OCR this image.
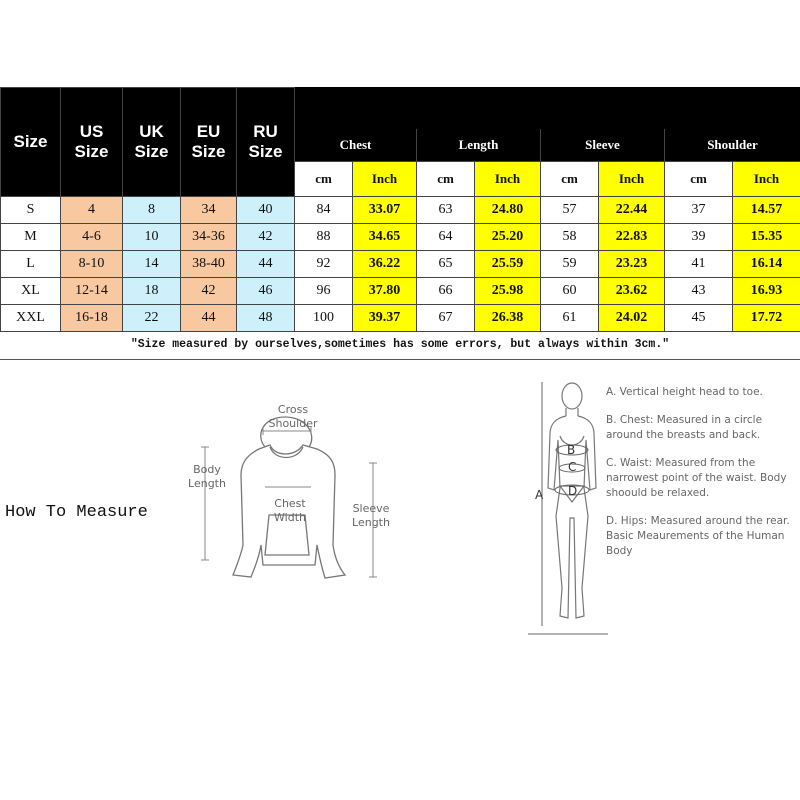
Size	US Size	UK Size	EU Size	RU Size								
					Chest		Length		Sleeve		Shoulder	
					cm	Inch	cm	Inch	cm	Inch	cm	Inch
S	4	8	34	40	84	33.07	63	24.80	57	22.44	37	14.57
M	4-6	10	34-36	42	88	34.65	64	25.20	58	22.83	39	15.35
L	8-10	14	38-40	44	92	36.22	65	25.59	59	23.23	41	16.14
XL	12-14	18	42	46	96	37.80	66	25.98	60	23.62	43	16.93
XXL	16-18	22	44	48	100	39.37	67	26.38	61	24.02	45	17.72
"Size measured by ourselves,sometimes has some errors, but always within 3cm."
How To Measure
Cross Shoulder
Body Length
Chest Width
Sleeve Length
A
B
C
D
A. Vertical height head to toe.
B. Chest: Measured in a circle around the breasts and back.
C. Waist: Measured from the narrowest point of the waist. Body shoould be relaxed.
D. Hips: Measured around the rear.
Basic Meaurements of the Human Body
